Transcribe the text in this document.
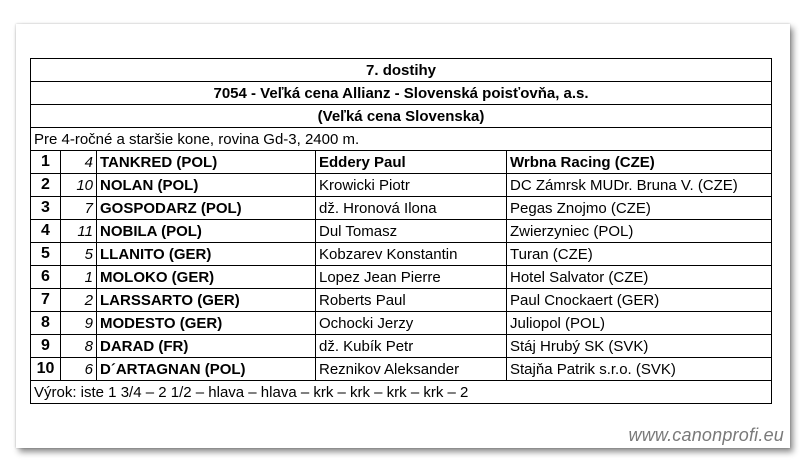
7. dostihy				
7054 - Veľká cena Allianz - Slovenská poisťovňa, a.s.				
(Veľká cena Slovenska)				
Pre 4-ročné a staršie kone, rovina Gd-3, 2400 m.				
1	4	TANKRED (POL)	Eddery Paul	Wrbna Racing (CZE)
2	10	NOLAN (POL)	Krowicki Piotr	DC Zámrsk MUDr. Bruna V. (CZE)
3	7	GOSPODARZ (POL)	dž. Hronová Ilona	Pegas Znojmo (CZE)
4	11	NOBILA (POL)	Dul Tomasz	Zwierzyniec (POL)
5	5	LLANITO (GER)	Kobzarev Konstantin	Turan (CZE)
6	1	MOLOKO (GER)	Lopez Jean Pierre	Hotel Salvator (CZE)
7	2	LARSSARTO (GER)	Roberts Paul	Paul Cnockaert (GER)
8	9	MODESTO (GER)	Ochocki Jerzy	Juliopol (POL)
9	8	DARAD (FR)	dž. Kubík Petr	Stáj Hrubý SK (SVK)
10	6	D´ARTAGNAN (POL)	Reznikov Aleksander	Stajňa Patrik s.r.o. (SVK)
Výrok: iste 1 3/4 – 2 1/2 – hlava – hlava – krk – krk – krk – krk – 2				
www.canonprofi.eu
